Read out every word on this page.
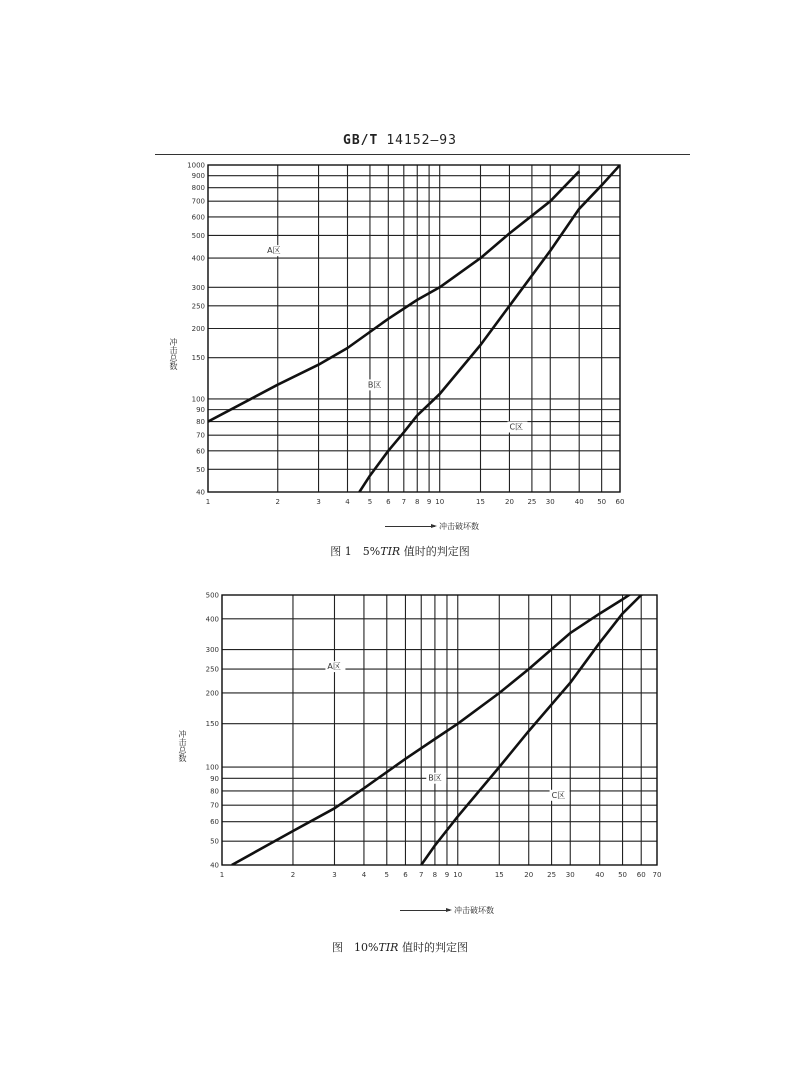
GB/T 14152—93
40
50
60
70
80
90
100
150
200
250
300
400
500
600
700
800
900
1000
1	2	3	4	5 6 7 8 9 10	15	20 25 30	40 50 60
A区
B区
C区
冲击总数
冲击破坏数
图 1　5%TIR 值时的判定图
40
50
60
70
80
90
100
150
200
250
300
400
500
1	2	3	4	5 6 7 8 9 10	15	20 25 30	40 50 60 70
A区
B区
C区
冲击总数
冲击破坏数
图　10%TIR 值时的判定图
